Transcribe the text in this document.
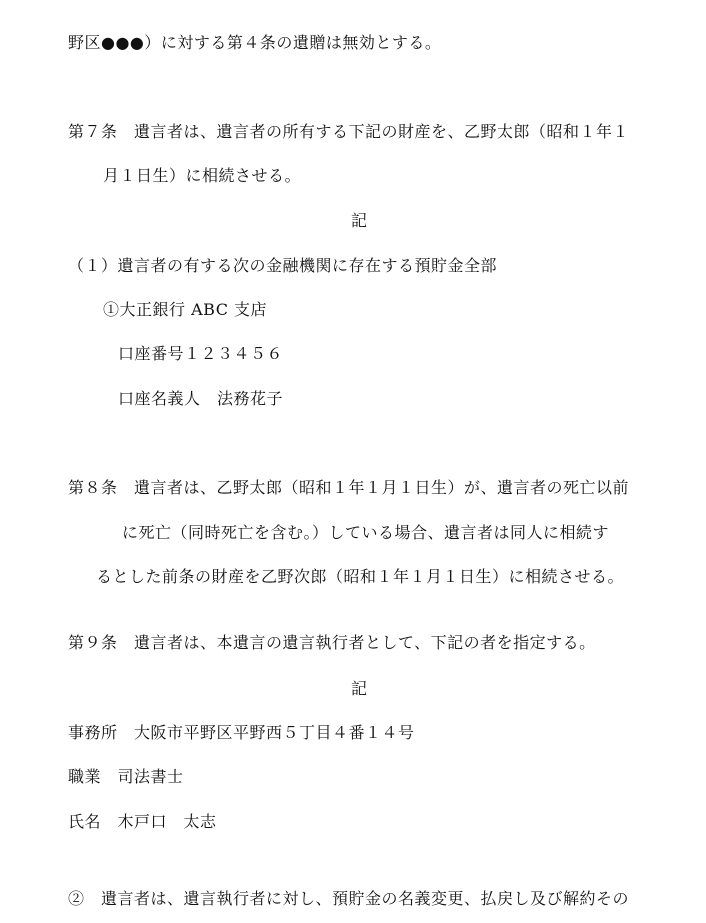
野区●●●）に対する第４条の遺贈は無効とする。
第７条　遺言者は、遺言者の所有する下記の財産を、乙野太郎（昭和１年１
月１日生）に相続させる。
記
（１）遺言者の有する次の金融機関に存在する預貯金全部
①大正銀行 ABC 支店
口座番号１２３４５６
口座名義人　法務花子
第８条　遺言者は、乙野太郎（昭和１年１月１日生）が、遺言者の死亡以前
に死亡（同時死亡を含む。）している場合、遺言者は同人に相続す
るとした前条の財産を乙野次郎（昭和１年１月１日生）に相続させる。
第９条　遺言者は、本遺言の遺言執行者として、下記の者を指定する。
記
事務所　大阪市平野区平野西５丁目４番１４号
職業　司法書士
氏名　木戸口　太志
②　遺言者は、遺言執行者に対し、預貯金の名義変更、払戻し及び解約その
